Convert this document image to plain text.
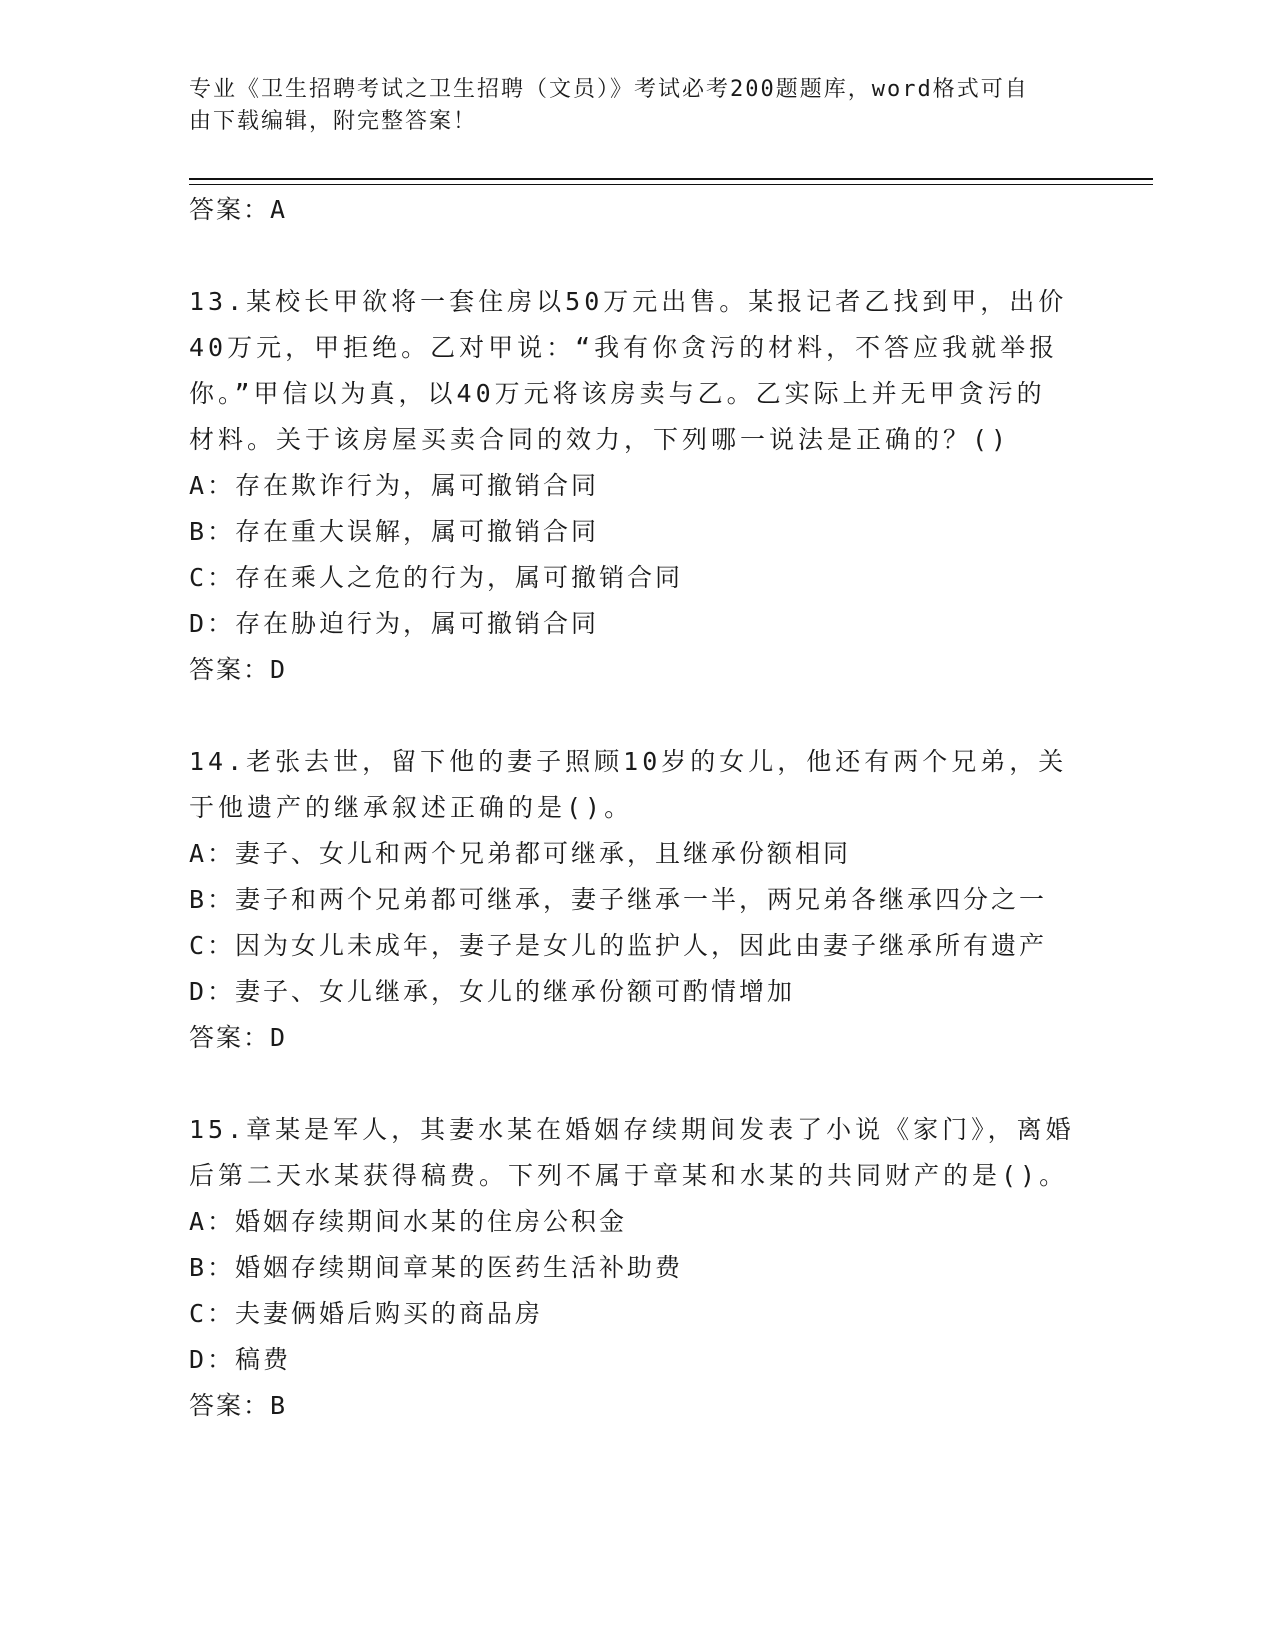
专业《卫生招聘考试之卫生招聘（文员）》考试必考200题题库，word格式可自
由下载编辑，附完整答案！
答案：A
13.某校长甲欲将一套住房以50万元出售。某报记者乙找到甲，出价
40万元，甲拒绝。乙对甲说：“我有你贪污的材料，不答应我就举报
你。”甲信以为真，以40万元将该房卖与乙。乙实际上并无甲贪污的
材料。关于该房屋买卖合同的效力，下列哪一说法是正确的？()
A：存在欺诈行为，属可撤销合同
B：存在重大误解，属可撤销合同
C：存在乘人之危的行为，属可撤销合同
D：存在胁迫行为，属可撤销合同
答案：D
14.老张去世，留下他的妻子照顾10岁的女儿，他还有两个兄弟，关
于他遗产的继承叙述正确的是()。
A：妻子、女儿和两个兄弟都可继承，且继承份额相同
B：妻子和两个兄弟都可继承，妻子继承一半，两兄弟各继承四分之一
C：因为女儿未成年，妻子是女儿的监护人，因此由妻子继承所有遗产
D：妻子、女儿继承，女儿的继承份额可酌情增加
答案：D
15.章某是军人，其妻水某在婚姻存续期间发表了小说《家门》，离婚
后第二天水某获得稿费。下列不属于章某和水某的共同财产的是()。
A：婚姻存续期间水某的住房公积金
B：婚姻存续期间章某的医药生活补助费
C：夫妻俩婚后购买的商品房
D：稿费
答案：B
